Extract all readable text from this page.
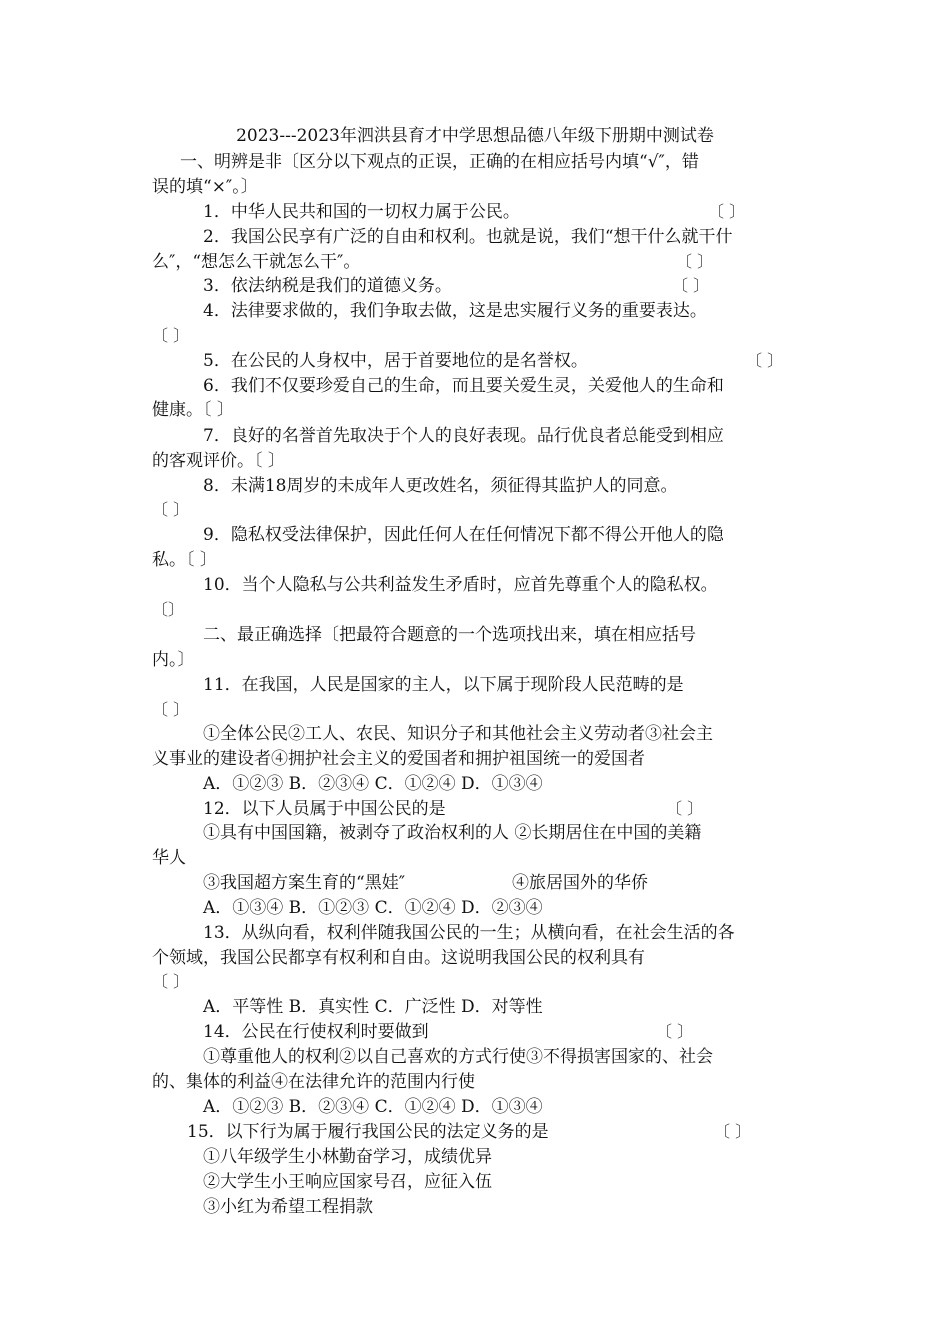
2023---2023年泗洪县育才中学思想品德八年级下册期中测试卷
一、明辨是非〔区分以下观点的正误，正确的在相应括号内填“√″，错
误的填“×″。〕
1．中华人民共和国的一切权力属于公民。	〔 〕
2．我国公民享有广泛的自由和权利。也就是说，我们“想干什么就干什
么″，“想怎么干就怎么干″。	〔 〕
3．依法纳税是我们的道德义务。	〔 〕
4．法律要求做的，我们争取去做，这是忠实履行义务的重要表达。
〔 〕
5．在公民的人身权中，居于首要地位的是名誉权。	〔 〕
6．我们不仅要珍爱自己的生命，而且要关爱生灵，关爱他人的生命和
健康。〔 〕
7．良好的名誉首先取决于个人的良好表现。品行优良者总能受到相应
的客观评价。〔 〕
8．未满18周岁的未成年人更改姓名，须征得其监护人的同意。
〔 〕
9．隐私权受法律保护，因此任何人在任何情况下都不得公开他人的隐
私。〔 〕
10．当个人隐私与公共利益发生矛盾时，应首先尊重个人的隐私权。
〔〕
二、最正确选择〔把最符合题意的一个选项找出来，填在相应括号
内。〕
11．在我国，人民是国家的主人，以下属于现阶段人民范畴的是
〔 〕
①全体公民②工人、农民、知识分子和其他社会主义劳动者③社会主
义事业的建设者④拥护社会主义的爱国者和拥护祖国统一的爱国者
A．①②③ B．②③④ C．①②④ D．①③④
12．以下人员属于中国公民的是	〔 〕
①具有中国国籍，被剥夺了政治权利的人 ②长期居住在中国的美籍
华人
③我国超方案生育的“黑娃″	④旅居国外的华侨
A．①③④ B．①②③ C．①②④ D．②③④
13．从纵向看，权利伴随我国公民的一生；从横向看，在社会生活的各
个领域，我国公民都享有权利和自由。这说明我国公民的权利具有
〔 〕
A．平等性 B．真实性 C．广泛性 D．对等性
14．公民在行使权利时要做到	〔 〕
①尊重他人的权利②以自己喜欢的方式行使③不得损害国家的、社会
的、集体的利益④在法律允许的范围内行使
A．①②③ B．②③④ C．①②④ D．①③④
15．以下行为属于履行我国公民的法定义务的是	〔 〕
①八年级学生小林勤奋学习，成绩优异
②大学生小王响应国家号召，应征入伍
③小红为希望工程捐款
